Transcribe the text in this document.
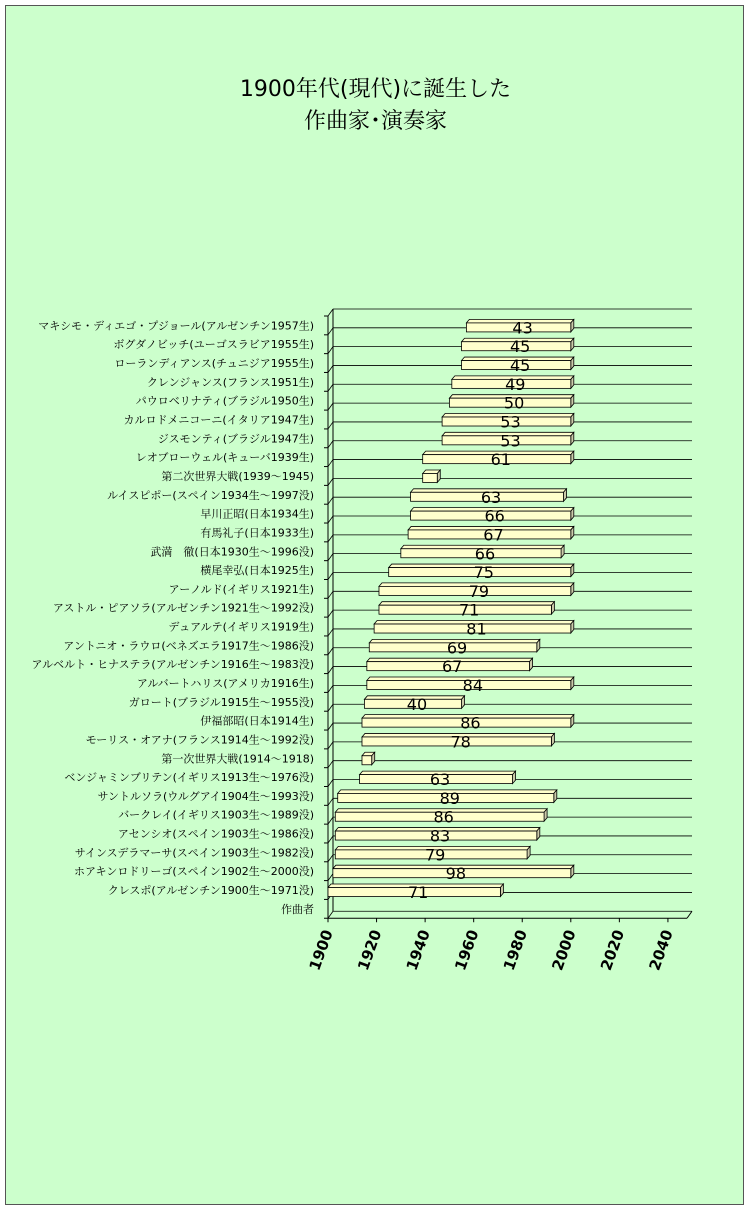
1900年代(現代)に誕生した
作曲家･演奏家
1900 1920 1940 1960 1980 2000 2020 2040
作曲者
マキシモ・ディエゴ・プジョール(アルゼンチン1957生)	43
ボグダノビッチ(ユーゴスラビア1955生)	45
ローランディアンス(チュニジア1955生)	45
クレンジャンス(フランス1951生)	49
パウロベリナティ(ブラジル1950生)	50
カルロドメニコーニ(イタリア1947生)	53
ジスモンティ(ブラジル1947生)	53
レオブローウェル(キューバ1939生)	61
第二次世界大戦(1939～1945)
ルイスピポー(スペイン1934生～1997没)	63
早川正昭(日本1934生)	66
有馬礼子(日本1933生)	67
武満　徹(日本1930生～1996没)	66
横尾幸弘(日本1925生)	75
アーノルド(イギリス1921生)	79
アストル・ピアソラ(アルゼンチン1921生～1992没)	71
デュアルテ(イギリス1919生)	81
アントニオ・ラウロ(ベネズエラ1917生～1986没)	69
アルベルト・ヒナステラ(アルゼンチン1916生～1983没)	67
アルバートハリス(アメリカ1916生)	84
ガロート(ブラジル1915生～1955没)	40
伊福部昭(日本1914生)	86
モーリス・オアナ(フランス1914生～1992没)	78
第一次世界大戦(1914～1918)
ベンジャミンブリテン(イギリス1913生～1976没)	63
サントルソラ(ウルグアイ1904生～1993没)	89
バークレイ(イギリス1903生～1989没)	86
アセンシオ(スペイン1903生～1986没)	83
サインスデラマーサ(スペイン1903生～1982没)	79
ホアキンロドリーゴ(スペイン1902生～2000没)	98
クレスポ(アルゼンチン1900生～1971没)	71
